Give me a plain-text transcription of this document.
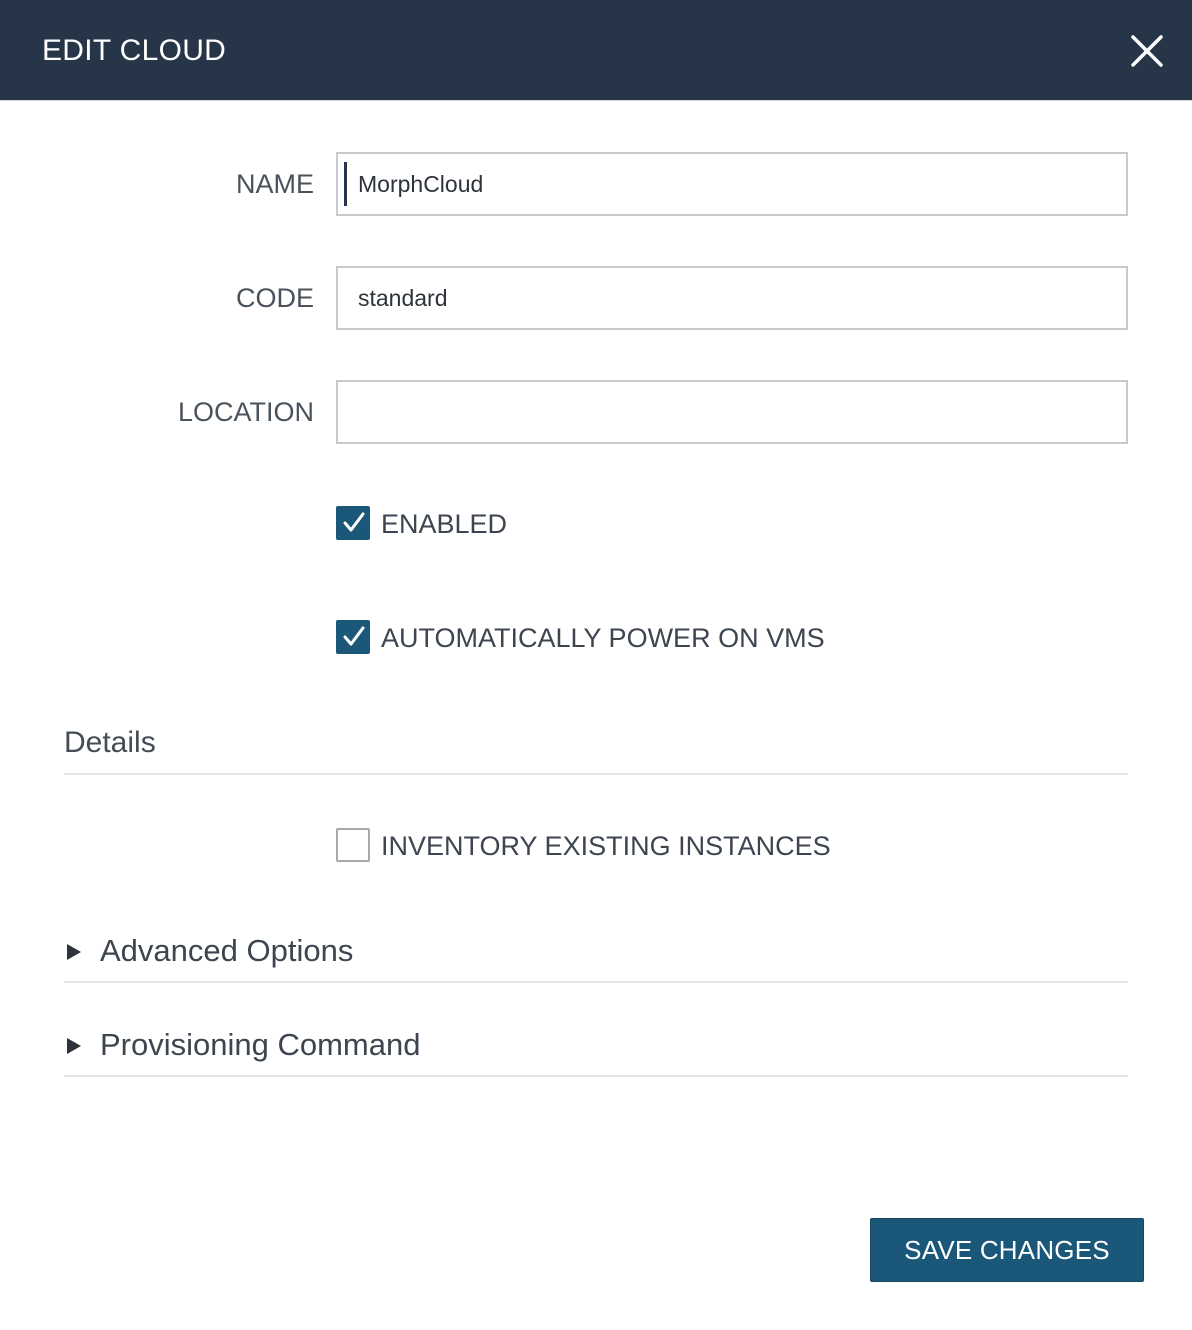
EDIT CLOUD
NAME
MorphCloud
CODE
standard
LOCATION
ENABLED
AUTOMATICALLY POWER ON VMS
Details
INVENTORY EXISTING INSTANCES
Advanced Options
Provisioning Command
SAVE CHANGES
